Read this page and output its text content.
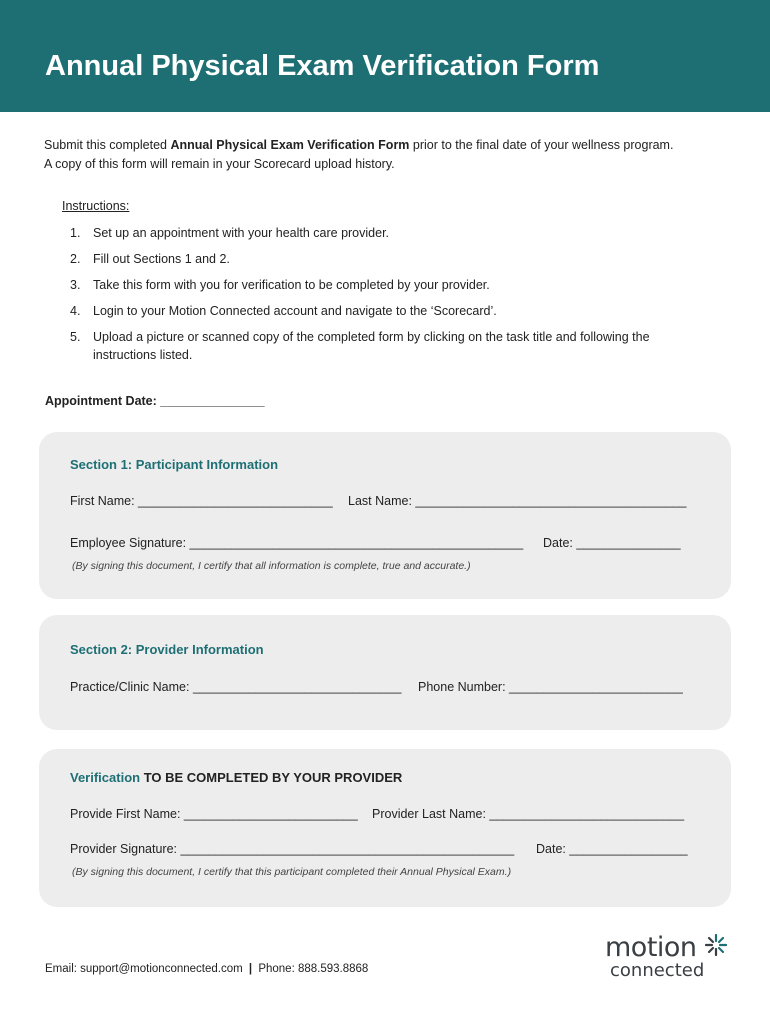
Annual Physical Exam Verification Form
Submit this completed Annual Physical Exam Verification Form prior to the final date of your wellness program.
A copy of this form will remain in your Scorecard upload history.
Instructions:
1.	Set up an appointment with your health care provider.
2.	Fill out Sections 1 and 2.
3.	Take this form with you for verification to be completed by your provider.
4.	Login to your Motion Connected account and navigate to the ‘Scorecard’.
5.	Upload a picture or scanned copy of the completed form by clicking on the task title and following the instructions listed.
Appointment Date: _______________
Section 1: Participant Information
First Name: ____________________________ Last Name: _______________________________________
Employee Signature: ________________________________________________ Date: _______________
(By signing this document, I certify that all information is complete, true and accurate.)
Section 2: Provider Information
Practice/Clinic Name: ______________________________ Phone Number: _________________________
Verification TO BE COMPLETED BY YOUR PROVIDER
Provide First Name: _________________________ Provider Last Name: ____________________________
Provider Signature: ________________________________________________ Date: _________________
(By signing this document, I certify that this participant completed their Annual Physical Exam.)
Email: support@motionconnected.com | Phone: 888.593.8868
motion
connected
